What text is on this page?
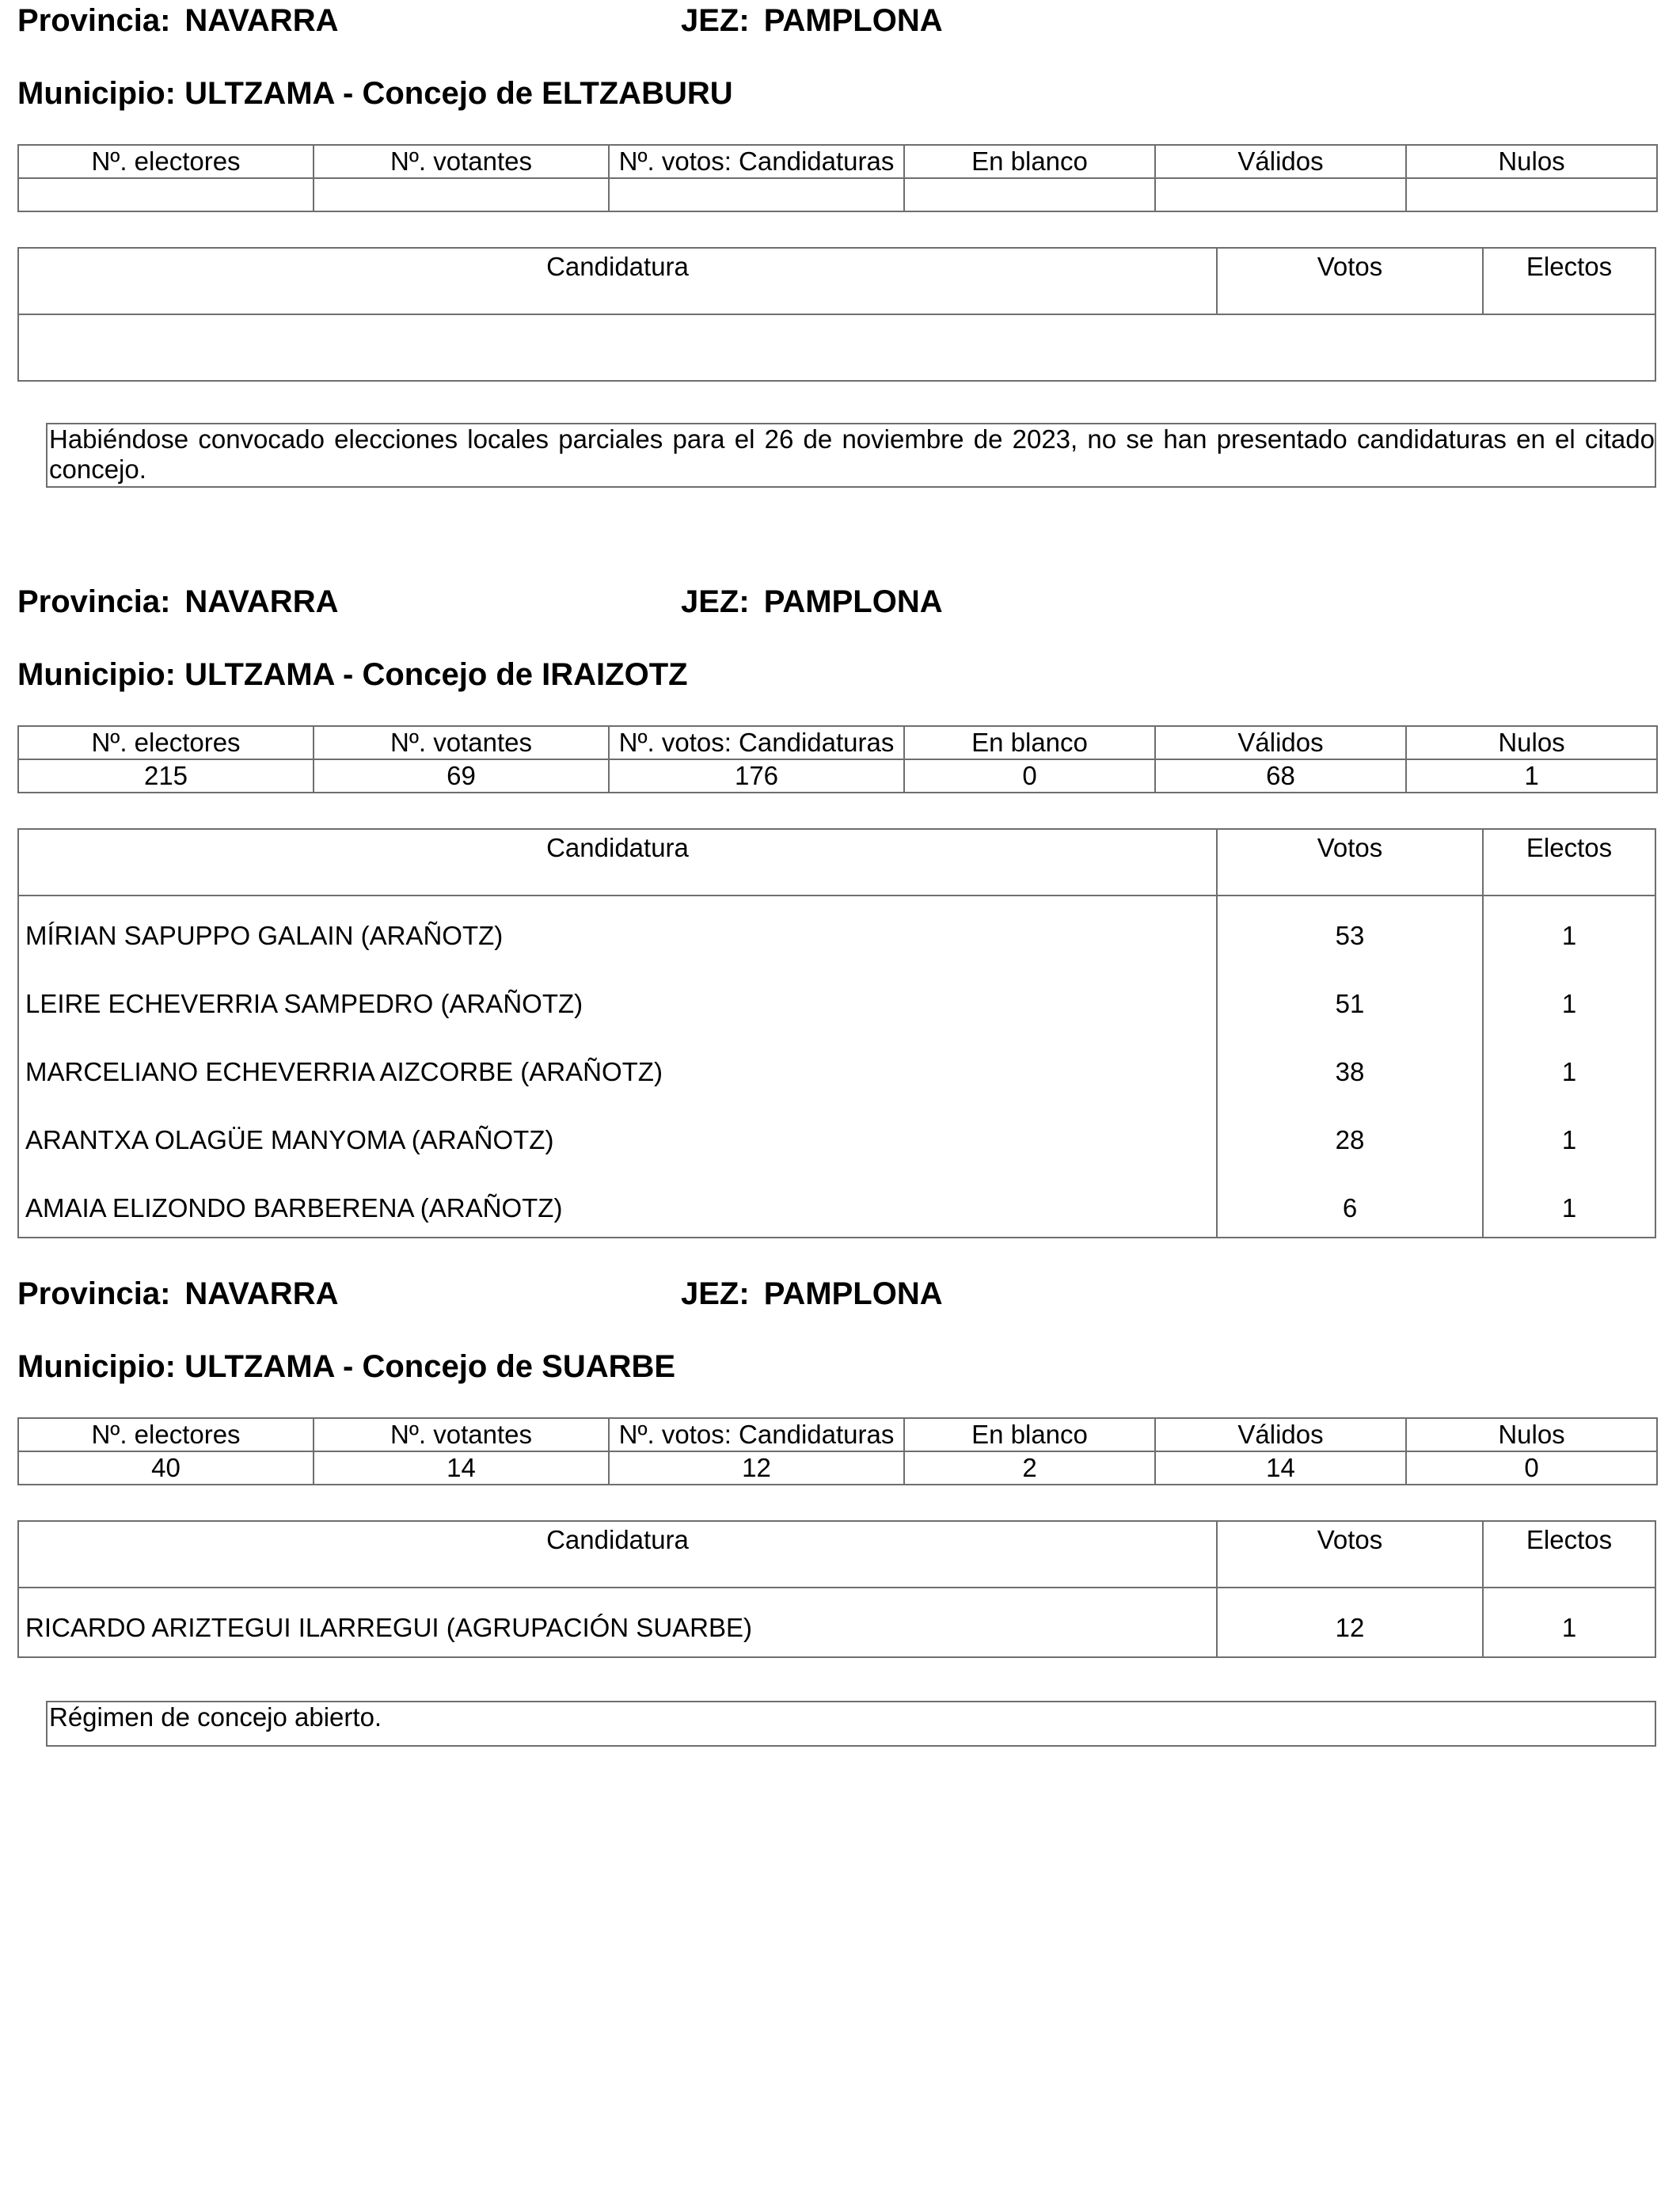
Provincia: NAVARRA	JEZ: PAMPLONA
Municipio: ULTZAMA - Concejo de ELTZABURU
Nº. electores	Nº. votantes	Nº. votos: Candidaturas	En blanco	Válidos	Nulos

Candidatura	Votos	Electos
Habiéndose convocado elecciones locales parciales para el 26 de noviembre de 2023, no se han presentado candidaturas en el citado concejo.
Provincia: NAVARRA	JEZ: PAMPLONA
Municipio: ULTZAMA - Concejo de IRAIZOTZ
Nº. electores	Nº. votantes	Nº. votos: Candidaturas	En blanco	Válidos	Nulos
215	69	176	0	68	1
Candidatura	Votos	Electos
MÍRIAN SAPUPPO GALAIN (ARAÑOTZ)	53	1
LEIRE ECHEVERRIA SAMPEDRO (ARAÑOTZ)	51	1
MARCELIANO ECHEVERRIA AIZCORBE (ARAÑOTZ)	38	1
ARANTXA OLAGÜE MANYOMA (ARAÑOTZ)	28	1
AMAIA ELIZONDO BARBERENA (ARAÑOTZ)	6	1
Provincia: NAVARRA	JEZ: PAMPLONA
Municipio: ULTZAMA - Concejo de SUARBE
Nº. electores	Nº. votantes	Nº. votos: Candidaturas	En blanco	Válidos	Nulos
40	14	12	2	14	0
Candidatura	Votos	Electos
RICARDO ARIZTEGUI ILARREGUI (AGRUPACIÓN SUARBE)	12	1
Régimen de concejo abierto.
